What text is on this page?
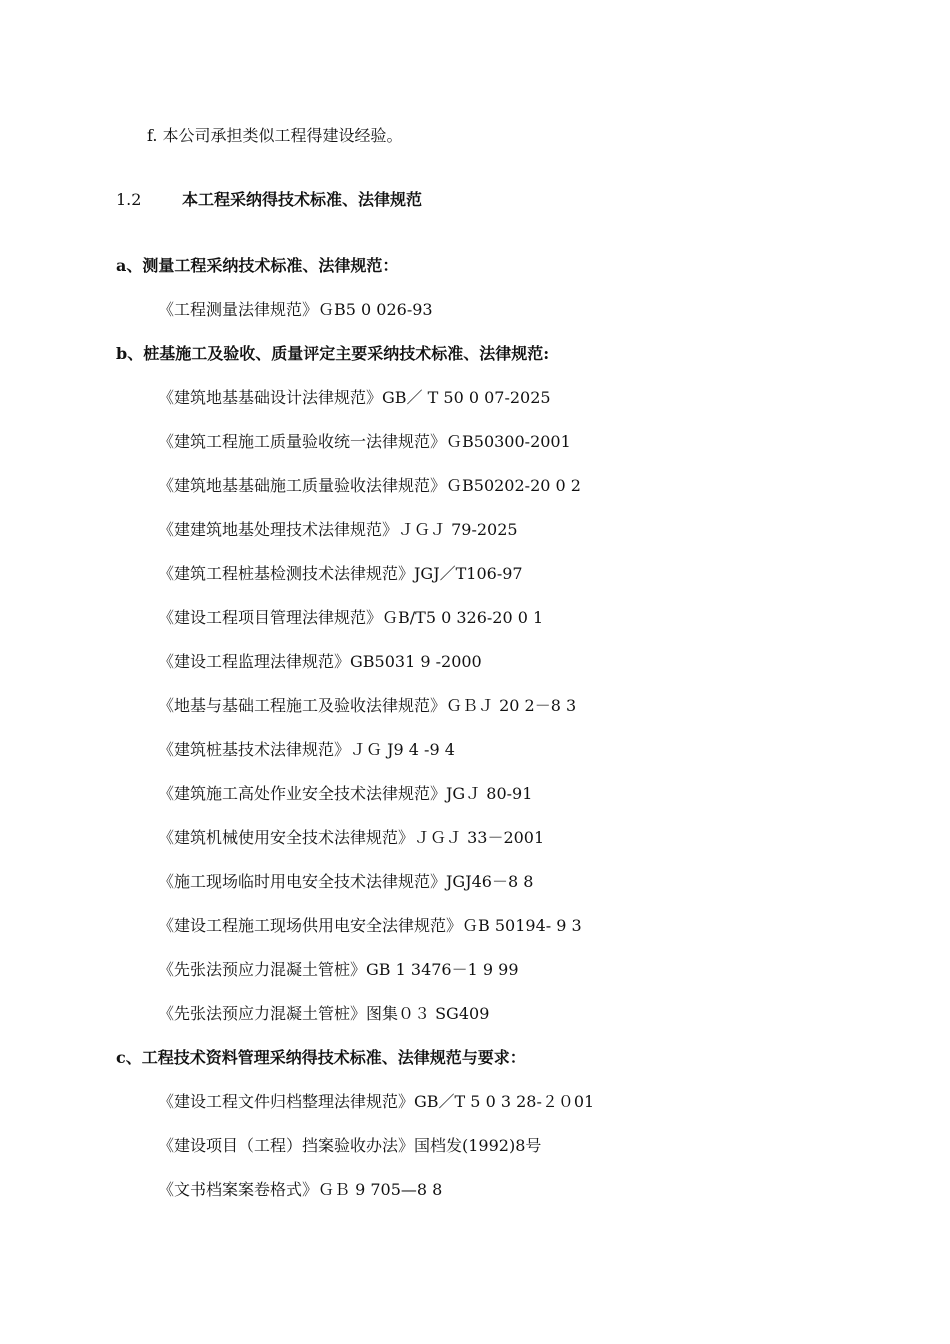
f. 本公司承担类似工程得建设经验。
1.2	本工程采纳得技术标准、法律规范
a、测量工程采纳技术标准、法律规范：
《工程测量法律规范》ＧB5 0 026-93
b、桩基施工及验收、质量评定主要采纳技术标准、法律规范:
《建筑地基基础设计法律规范》GB／ T 50 0 07-2025
《建筑工程施工质量验收统一法律规范》ＧB50300-2001
《建筑地基基础施工质量验收法律规范》ＧB50202-20 0 2
《建建筑地基处理技术法律规范》ＪＧＪ 79-2025
《建筑工程桩基检测技术法律规范》JGJ／T106-97
《建设工程项目管理法律规范》ＧB/T5 0 326-20 0 1
《建设工程监理法律规范》GB5031 9 -2000
《地基与基础工程施工及验收法律规范》ＧＢＪ 20 2－8 3
《建筑桩基技术法律规范》ＪＧ J9 4 -9 4
《建筑施工高处作业安全技术法律规范》JGＪ 80-91
《建筑机械使用安全技术法律规范》ＪＧＪ 33－2001
《施工现场临时用电安全技术法律规范》JGJ46－8 8
《建设工程施工现场供用电安全法律规范》ＧB 50194- 9 3
《先张法预应力混凝土管桩》GB 1 3476－1 9 99
《先张法预应力混凝土管桩》图集０３ SG409
c、工程技术资料管理采纳得技术标准、法律规范与要求：
《建设工程文件归档整理法律规范》GB／T 5 0 3 28-２０01
《建设项目（工程）挡案验收办法》国档发(1992)8号
《文书档案案卷格式》ＧＢ 9 705—8 8
